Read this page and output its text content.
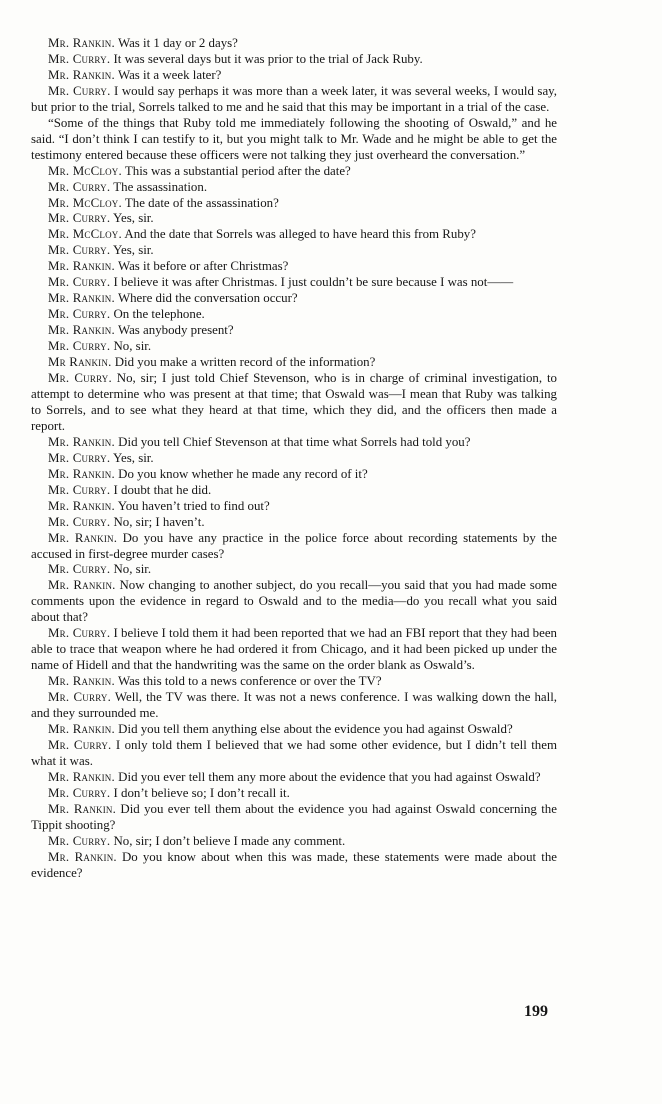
Mr. Rankin. Was it 1 day or 2 days?

Mr. Curry. It was several days but it was prior to the trial of Jack Ruby.

Mr. Rankin. Was it a week later?

Mr. Curry. I would say perhaps it was more than a week later, it was several weeks, I would say, but prior to the trial, Sorrels talked to me and he said that this may be important in a trial of the case.

“Some of the things that Ruby told me immediately following the shooting of Oswald,” and he said. “I don’t think I can testify to it, but you might talk to Mr. Wade and he might be able to get the testimony entered because these officers were not talking they just overheard the conversation.”

Mr. McCloy. This was a substantial period after the date?

Mr. Curry. The assassination.

Mr. McCloy. The date of the assassination?

Mr. Curry. Yes, sir.

Mr. McCloy. And the date that Sorrels was alleged to have heard this from Ruby?

Mr. Curry. Yes, sir.

Mr. Rankin. Was it before or after Christmas?

Mr. Curry. I believe it was after Christmas. I just couldn’t be sure because I was not——

Mr. Rankin. Where did the conversation occur?

Mr. Curry. On the telephone.

Mr. Rankin. Was anybody present?

Mr. Curry. No, sir.

Mr Rankin. Did you make a written record of the information?

Mr. Curry. No, sir; I just told Chief Stevenson, who is in charge of criminal investigation, to attempt to determine who was present at that time; that Oswald was—I mean that Ruby was talking to Sorrels, and to see what they heard at that time, which they did, and the officers then made a report.

Mr. Rankin. Did you tell Chief Stevenson at that time what Sorrels had told you?

Mr. Curry. Yes, sir.

Mr. Rankin. Do you know whether he made any record of it?

Mr. Curry. I doubt that he did.

Mr. Rankin. You haven’t tried to find out?

Mr. Curry. No, sir; I haven’t.

Mr. Rankin. Do you have any practice in the police force about recording statements by the accused in first-degree murder cases?

Mr. Curry. No, sir.

Mr. Rankin. Now changing to another subject, do you recall—you said that you had made some comments upon the evidence in regard to Oswald and to the media—do you recall what you said about that?

Mr. Curry. I believe I told them it had been reported that we had an FBI report that they had been able to trace that weapon where he had ordered it from Chicago, and it had been picked up under the name of Hidell and that the handwriting was the same on the order blank as Oswald’s.

Mr. Rankin. Was this told to a news conference or over the TV?

Mr. Curry. Well, the TV was there. It was not a news conference. I was walking down the hall, and they surrounded me.

Mr. Rankin. Did you tell them anything else about the evidence you had against Oswald?

Mr. Curry. I only told them I believed that we had some other evidence, but I didn’t tell them what it was.

Mr. Rankin. Did you ever tell them any more about the evidence that you had against Oswald?

Mr. Curry. I don’t believe so; I don’t recall it.

Mr. Rankin. Did you ever tell them about the evidence you had against Oswald concerning the Tippit shooting?

Mr. Curry. No, sir; I don’t believe I made any comment.

Mr. Rankin. Do you know about when this was made, these statements were made about the evidence?

199
